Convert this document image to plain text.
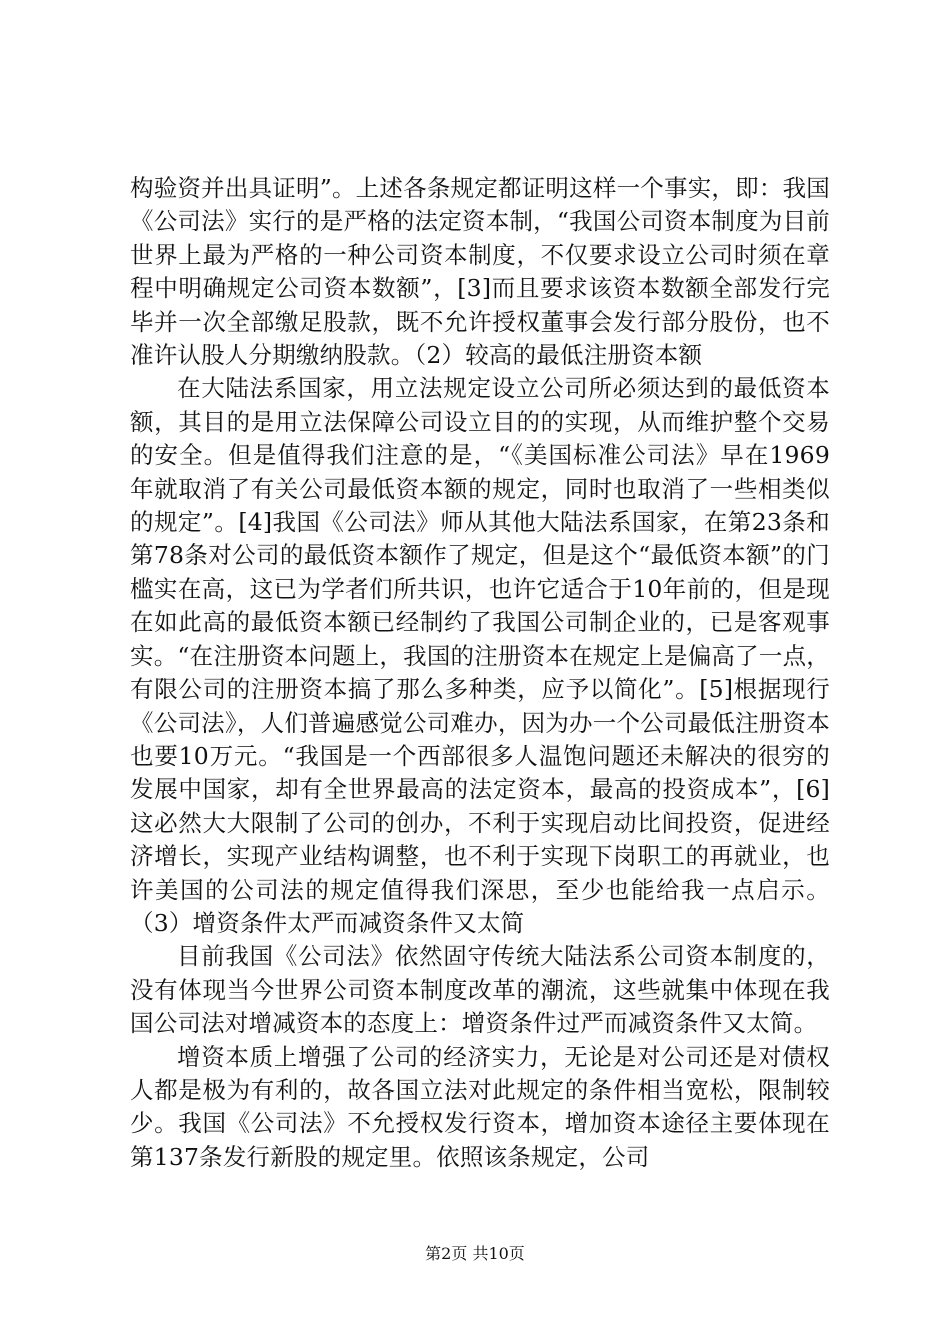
构验资并出具证明”。上述各条规定都证明这样一个事实，即：我国《公司法》实行的是严格的法定资本制，“我国公司资本制度为目前世界上最为严格的一种公司资本制度，不仅要求设立公司时须在章程中明确规定公司资本数额”，[3]而且要求该资本数额全部发行完毕并一次全部缴足股款，既不允许授权董事会发行部分股份，也不准许认股人分期缴纳股款。（2）较高的最低注册资本额

在大陆法系国家，用立法规定设立公司所必须达到的最低资本额，其目的是用立法保障公司设立目的的实现，从而维护整个交易的安全。但是值得我们注意的是，“《美国标准公司法》早在1969年就取消了有关公司最低资本额的规定，同时也取消了一些相类似的规定”。[4]我国《公司法》师从其他大陆法系国家，在第23条和第78条对公司的最低资本额作了规定，但是这个“最低资本额”的门槛实在高，这已为学者们所共识，也许它适合于10年前的，但是现在如此高的最低资本额已经制约了我国公司制企业的，已是客观事实。“在注册资本问题上，我国的注册资本在规定上是偏高了一点，有限公司的注册资本搞了那么多种类，应予以简化”。[5]根据现行《公司法》，人们普遍感觉公司难办，因为办一个公司最低注册资本也要10万元。“我国是一个西部很多人温饱问题还未解决的很穷的发展中国家，却有全世界最高的法定资本，最高的投资成本”，[6]这必然大大限制了公司的创办，不利于实现启动比间投资，促进经济增长，实现产业结构调整，也不利于实现下岗职工的再就业，也许美国的公司法的规定值得我们深思，至少也能给我一点启示。（3）增资条件太严而减资条件又太简

目前我国《公司法》依然固守传统大陆法系公司资本制度的，没有体现当今世界公司资本制度改革的潮流，这些就集中体现在我国公司法对增减资本的态度上：增资条件过严而减资条件又太简。

增资本质上增强了公司的经济实力，无论是对公司还是对债权人都是极为有利的，故各国立法对此规定的条件相当宽松，限制较少。我国《公司法》不允授权发行资本，增加资本途径主要体现在第137条发行新股的规定里。依照该条规定，公司

第2页 共10页
